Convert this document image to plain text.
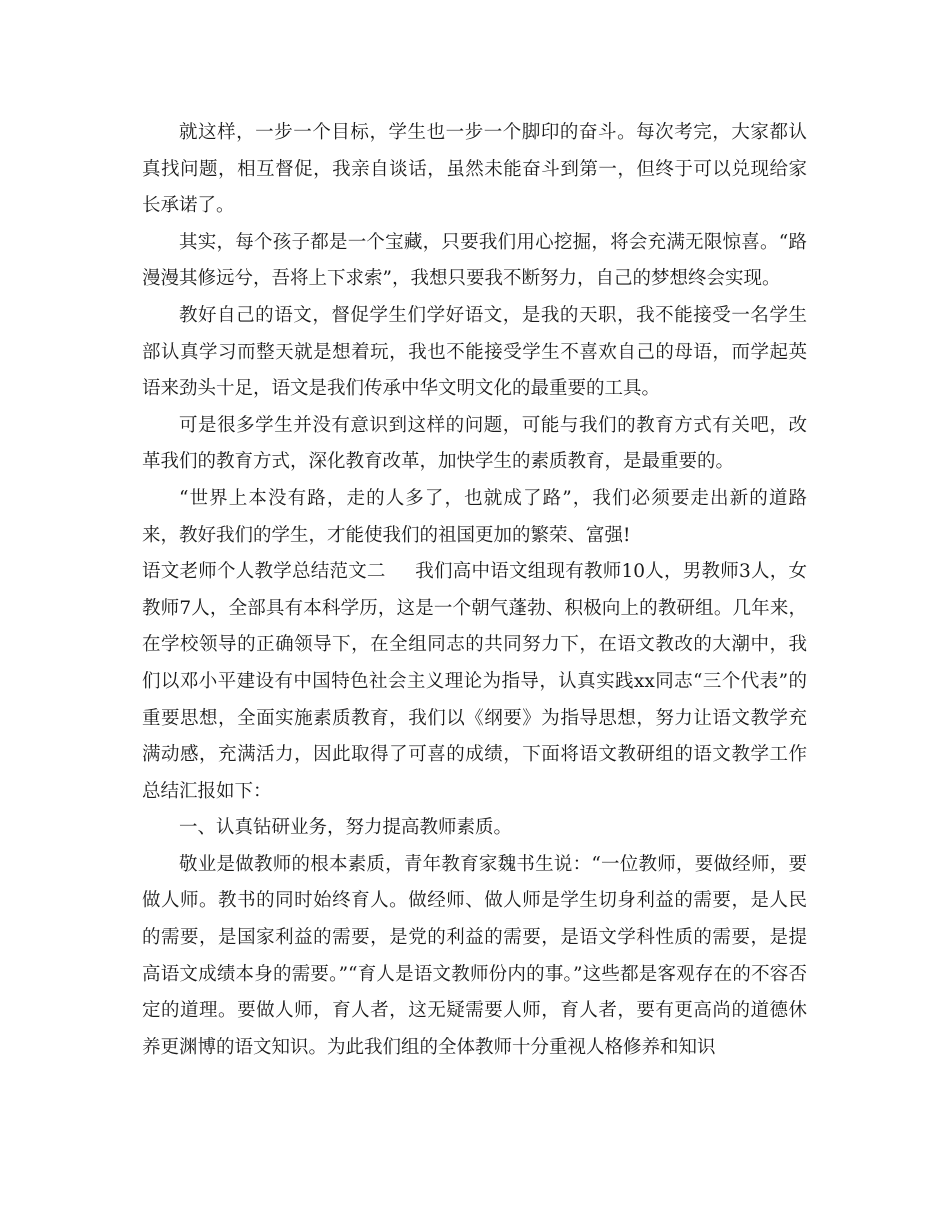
就这样，一步一个目标，学生也一步一个脚印的奋斗。每次考完，大家都认真找问题，相互督促，我亲自谈话，虽然未能奋斗到第一，但终于可以兑现给家长承诺了。

其实，每个孩子都是一个宝藏，只要我们用心挖掘，将会充满无限惊喜。“路漫漫其修远兮，吾将上下求索”，我想只要我不断努力，自己的梦想终会实现。

教好自己的语文，督促学生们学好语文，是我的天职，我不能接受一名学生部认真学习而整天就是想着玩，我也不能接受学生不喜欢自己的母语，而学起英语来劲头十足，语文是我们传承中华文明文化的最重要的工具。

可是很多学生并没有意识到这样的问题，可能与我们的教育方式有关吧，改革我们的教育方式，深化教育改革，加快学生的素质教育，是最重要的。

“世界上本没有路，走的人多了，也就成了路”，我们必须要走出新的道路来，教好我们的学生，才能使我们的祖国更加的繁荣、富强!

语文老师个人教学总结范文二 我们高中语文组现有教师10人，男教师3人，女教师7人，全部具有本科学历，这是一个朝气蓬勃、积极向上的教研组。几年来，在学校领导的正确领导下，在全组同志的共同努力下，在语文教改的大潮中，我们以邓小平建设有中国特色社会主义理论为指导，认真实践xx同志“三个代表”的重要思想，全面实施素质教育，我们以《纲要》为指导思想，努力让语文教学充满动感，充满活力，因此取得了可喜的成绩，下面将语文教研组的语文教学工作总结汇报如下：

一、认真钻研业务，努力提高教师素质。

敬业是做教师的根本素质，青年教育家魏书生说：“一位教师，要做经师，要做人师。教书的同时始终育人。做经师、做人师是学生切身利益的需要，是人民的需要，是国家利益的需要，是党的利益的需要，是语文学科性质的需要，是提高语文成绩本身的需要。”“育人是语文教师份内的事。”这些都是客观存在的不容否定的道理。要做人师，育人者，这无疑需要人师，育人者，要有更高尚的道德休养更渊博的语文知识。为此我们组的全体教师十分重视人格修养和知识
